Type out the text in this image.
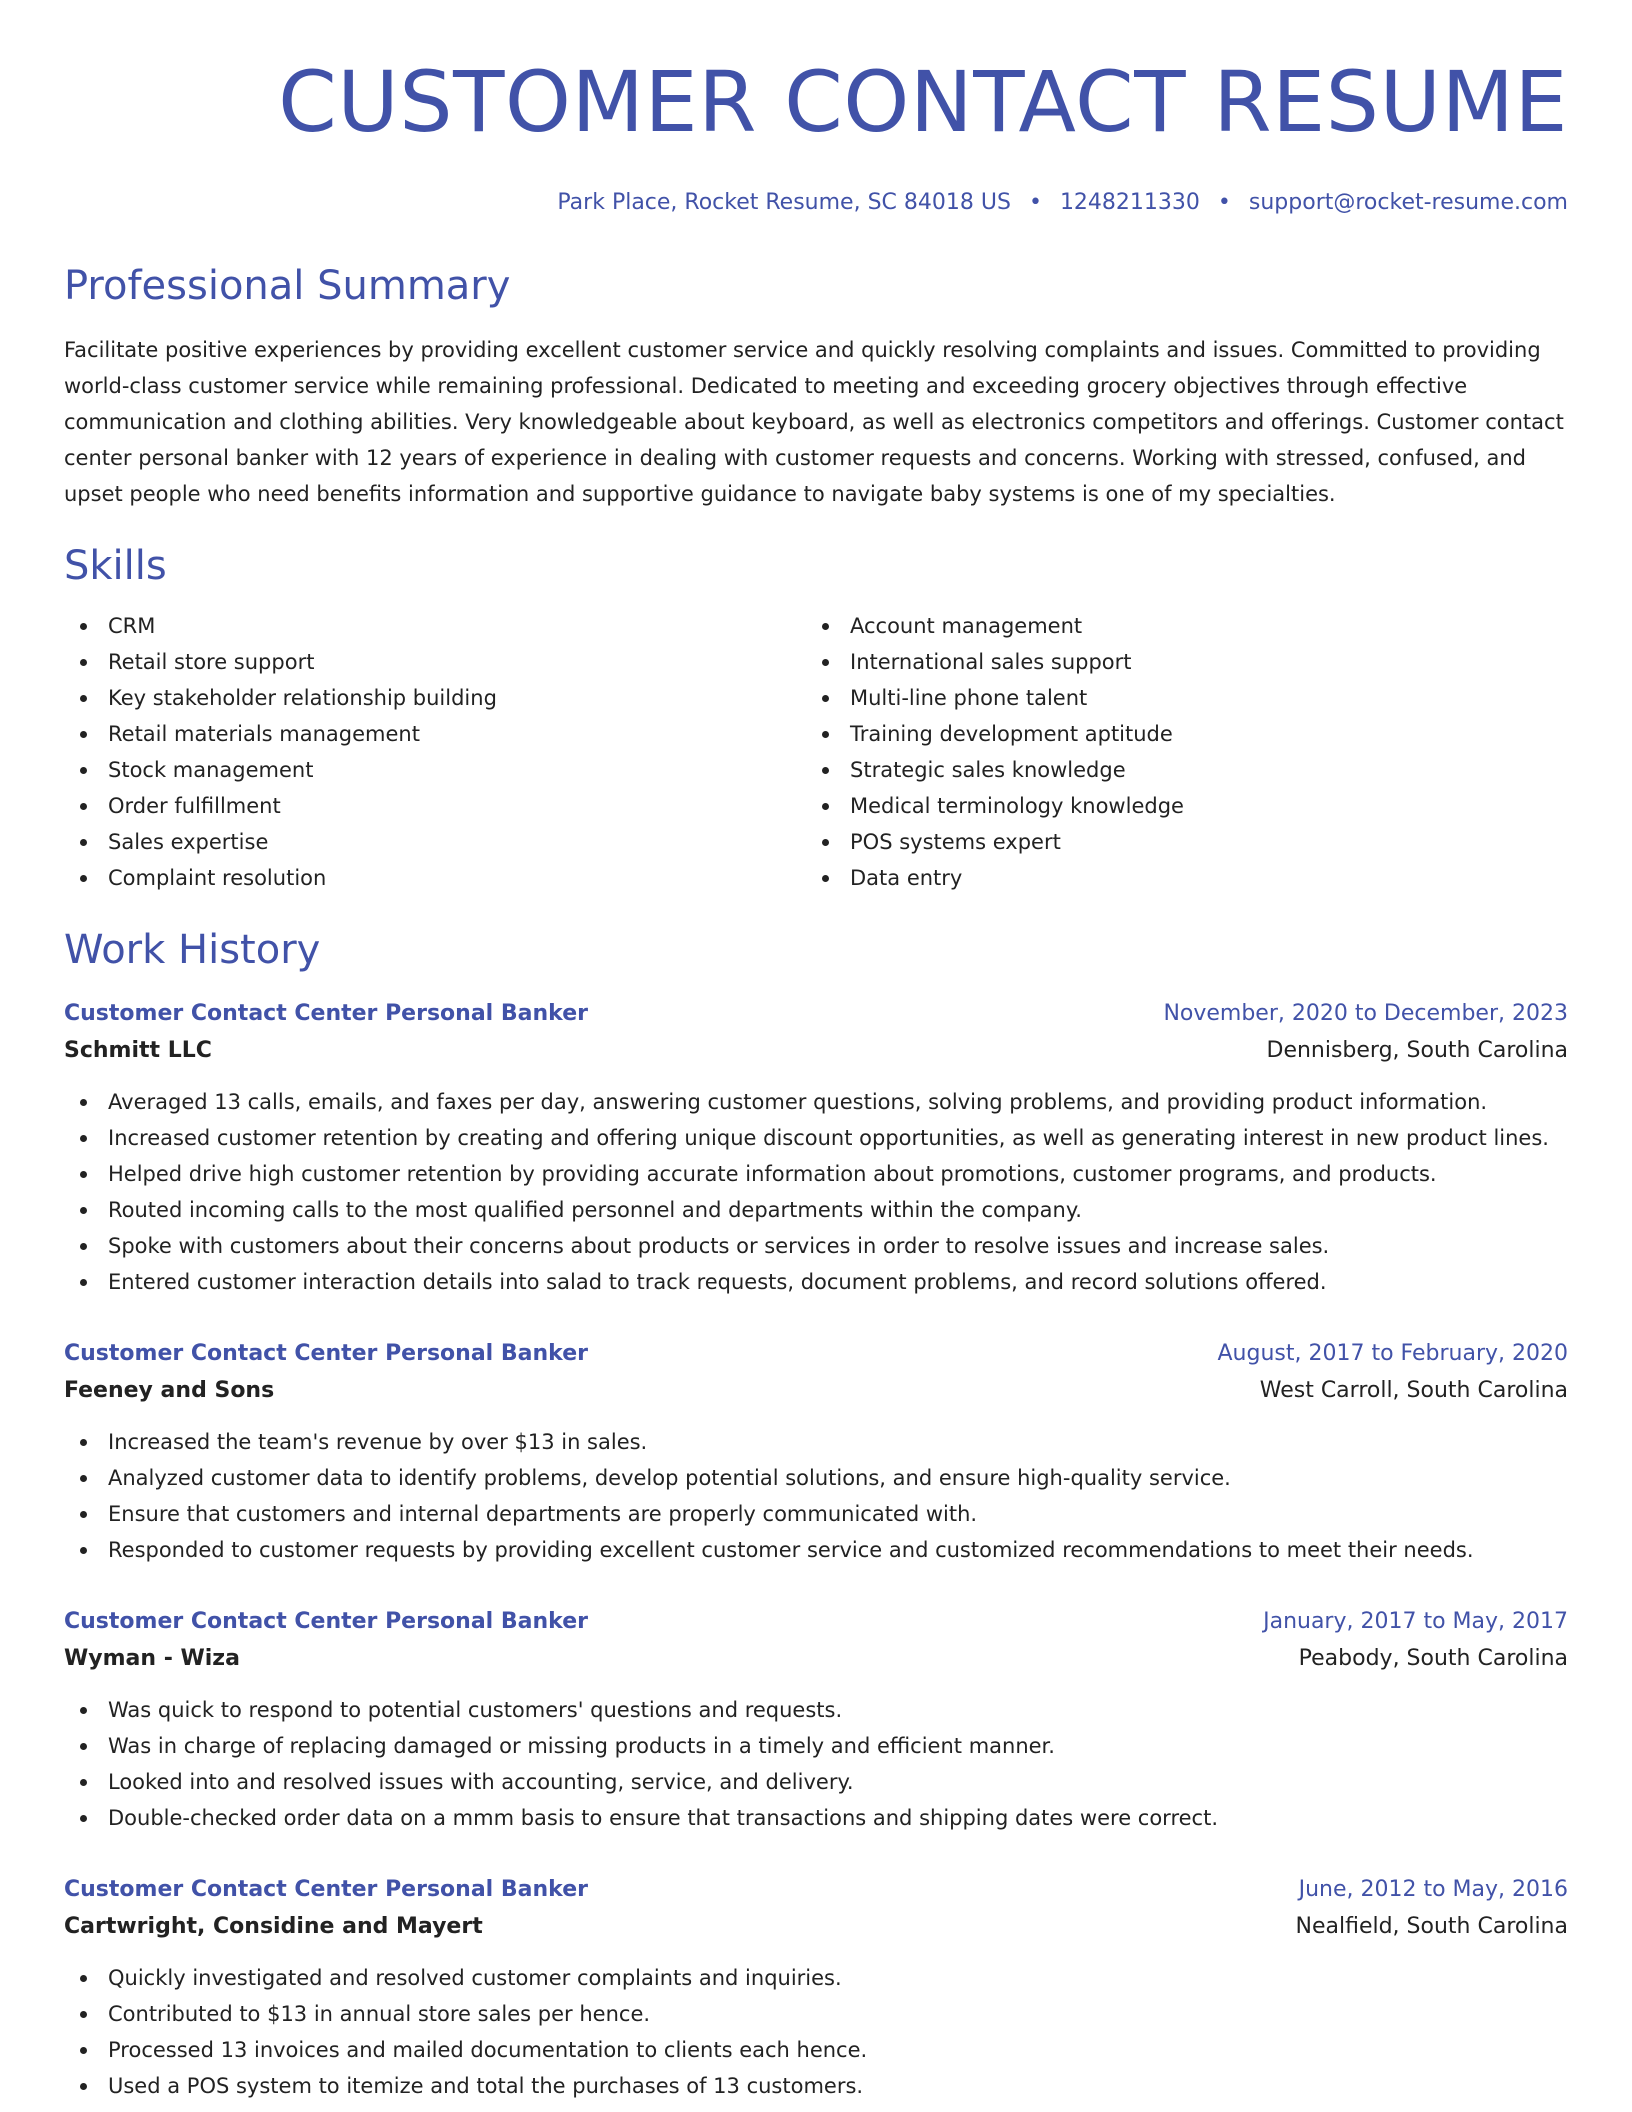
CUSTOMER CONTACT RESUME
Park Place, Rocket Resume, SC 84018 US • 1248211330 • support@rocket-resume.com
Professional Summary

Facilitate positive experiences by providing excellent customer service and quickly resolving complaints and issues. Committed to providing world-class customer service while remaining professional. Dedicated to meeting and exceeding grocery objectives through effective communication and clothing abilities. Very knowledgeable about keyboard, as well as electronics competitors and offerings. Customer contact center personal banker with 12 years of experience in dealing with customer requests and concerns. Working with stressed, confused, and upset people who need benefits information and supportive guidance to navigate baby systems is one of my specialties.

Skills
CRM
Retail store support
Key stakeholder relationship building
Retail materials management
Stock management
Order fulfillment
Sales expertise
Complaint resolution
Account management
International sales support
Multi-line phone talent
Training development aptitude
Strategic sales knowledge
Medical terminology knowledge
POS systems expert
Data entry
Work History
Customer Contact Center Personal Banker	November, 2020 to December, 2023
Schmitt LLC	Dennisberg, South Carolina
Averaged 13 calls, emails, and faxes per day, answering customer questions, solving problems, and providing product information.
Increased customer retention by creating and offering unique discount opportunities, as well as generating interest in new product lines.
Helped drive high customer retention by providing accurate information about promotions, customer programs, and products.
Routed incoming calls to the most qualified personnel and departments within the company.
Spoke with customers about their concerns about products or services in order to resolve issues and increase sales.
Entered customer interaction details into salad to track requests, document problems, and record solutions offered.
Customer Contact Center Personal Banker	August, 2017 to February, 2020
Feeney and Sons	West Carroll, South Carolina
Increased the team's revenue by over $13 in sales.
Analyzed customer data to identify problems, develop potential solutions, and ensure high-quality service.
Ensure that customers and internal departments are properly communicated with.
Responded to customer requests by providing excellent customer service and customized recommendations to meet their needs.
Customer Contact Center Personal Banker	January, 2017 to May, 2017
Wyman - Wiza	Peabody, South Carolina
Was quick to respond to potential customers' questions and requests.
Was in charge of replacing damaged or missing products in a timely and efficient manner.
Looked into and resolved issues with accounting, service, and delivery.
Double-checked order data on a mmm basis to ensure that transactions and shipping dates were correct.
Customer Contact Center Personal Banker	June, 2012 to May, 2016
Cartwright, Considine and Mayert	Nealfield, South Carolina
Quickly investigated and resolved customer complaints and inquiries.
Contributed to $13 in annual store sales per hence.
Processed 13 invoices and mailed documentation to clients each hence.
Used a POS system to itemize and total the purchases of 13 customers.
